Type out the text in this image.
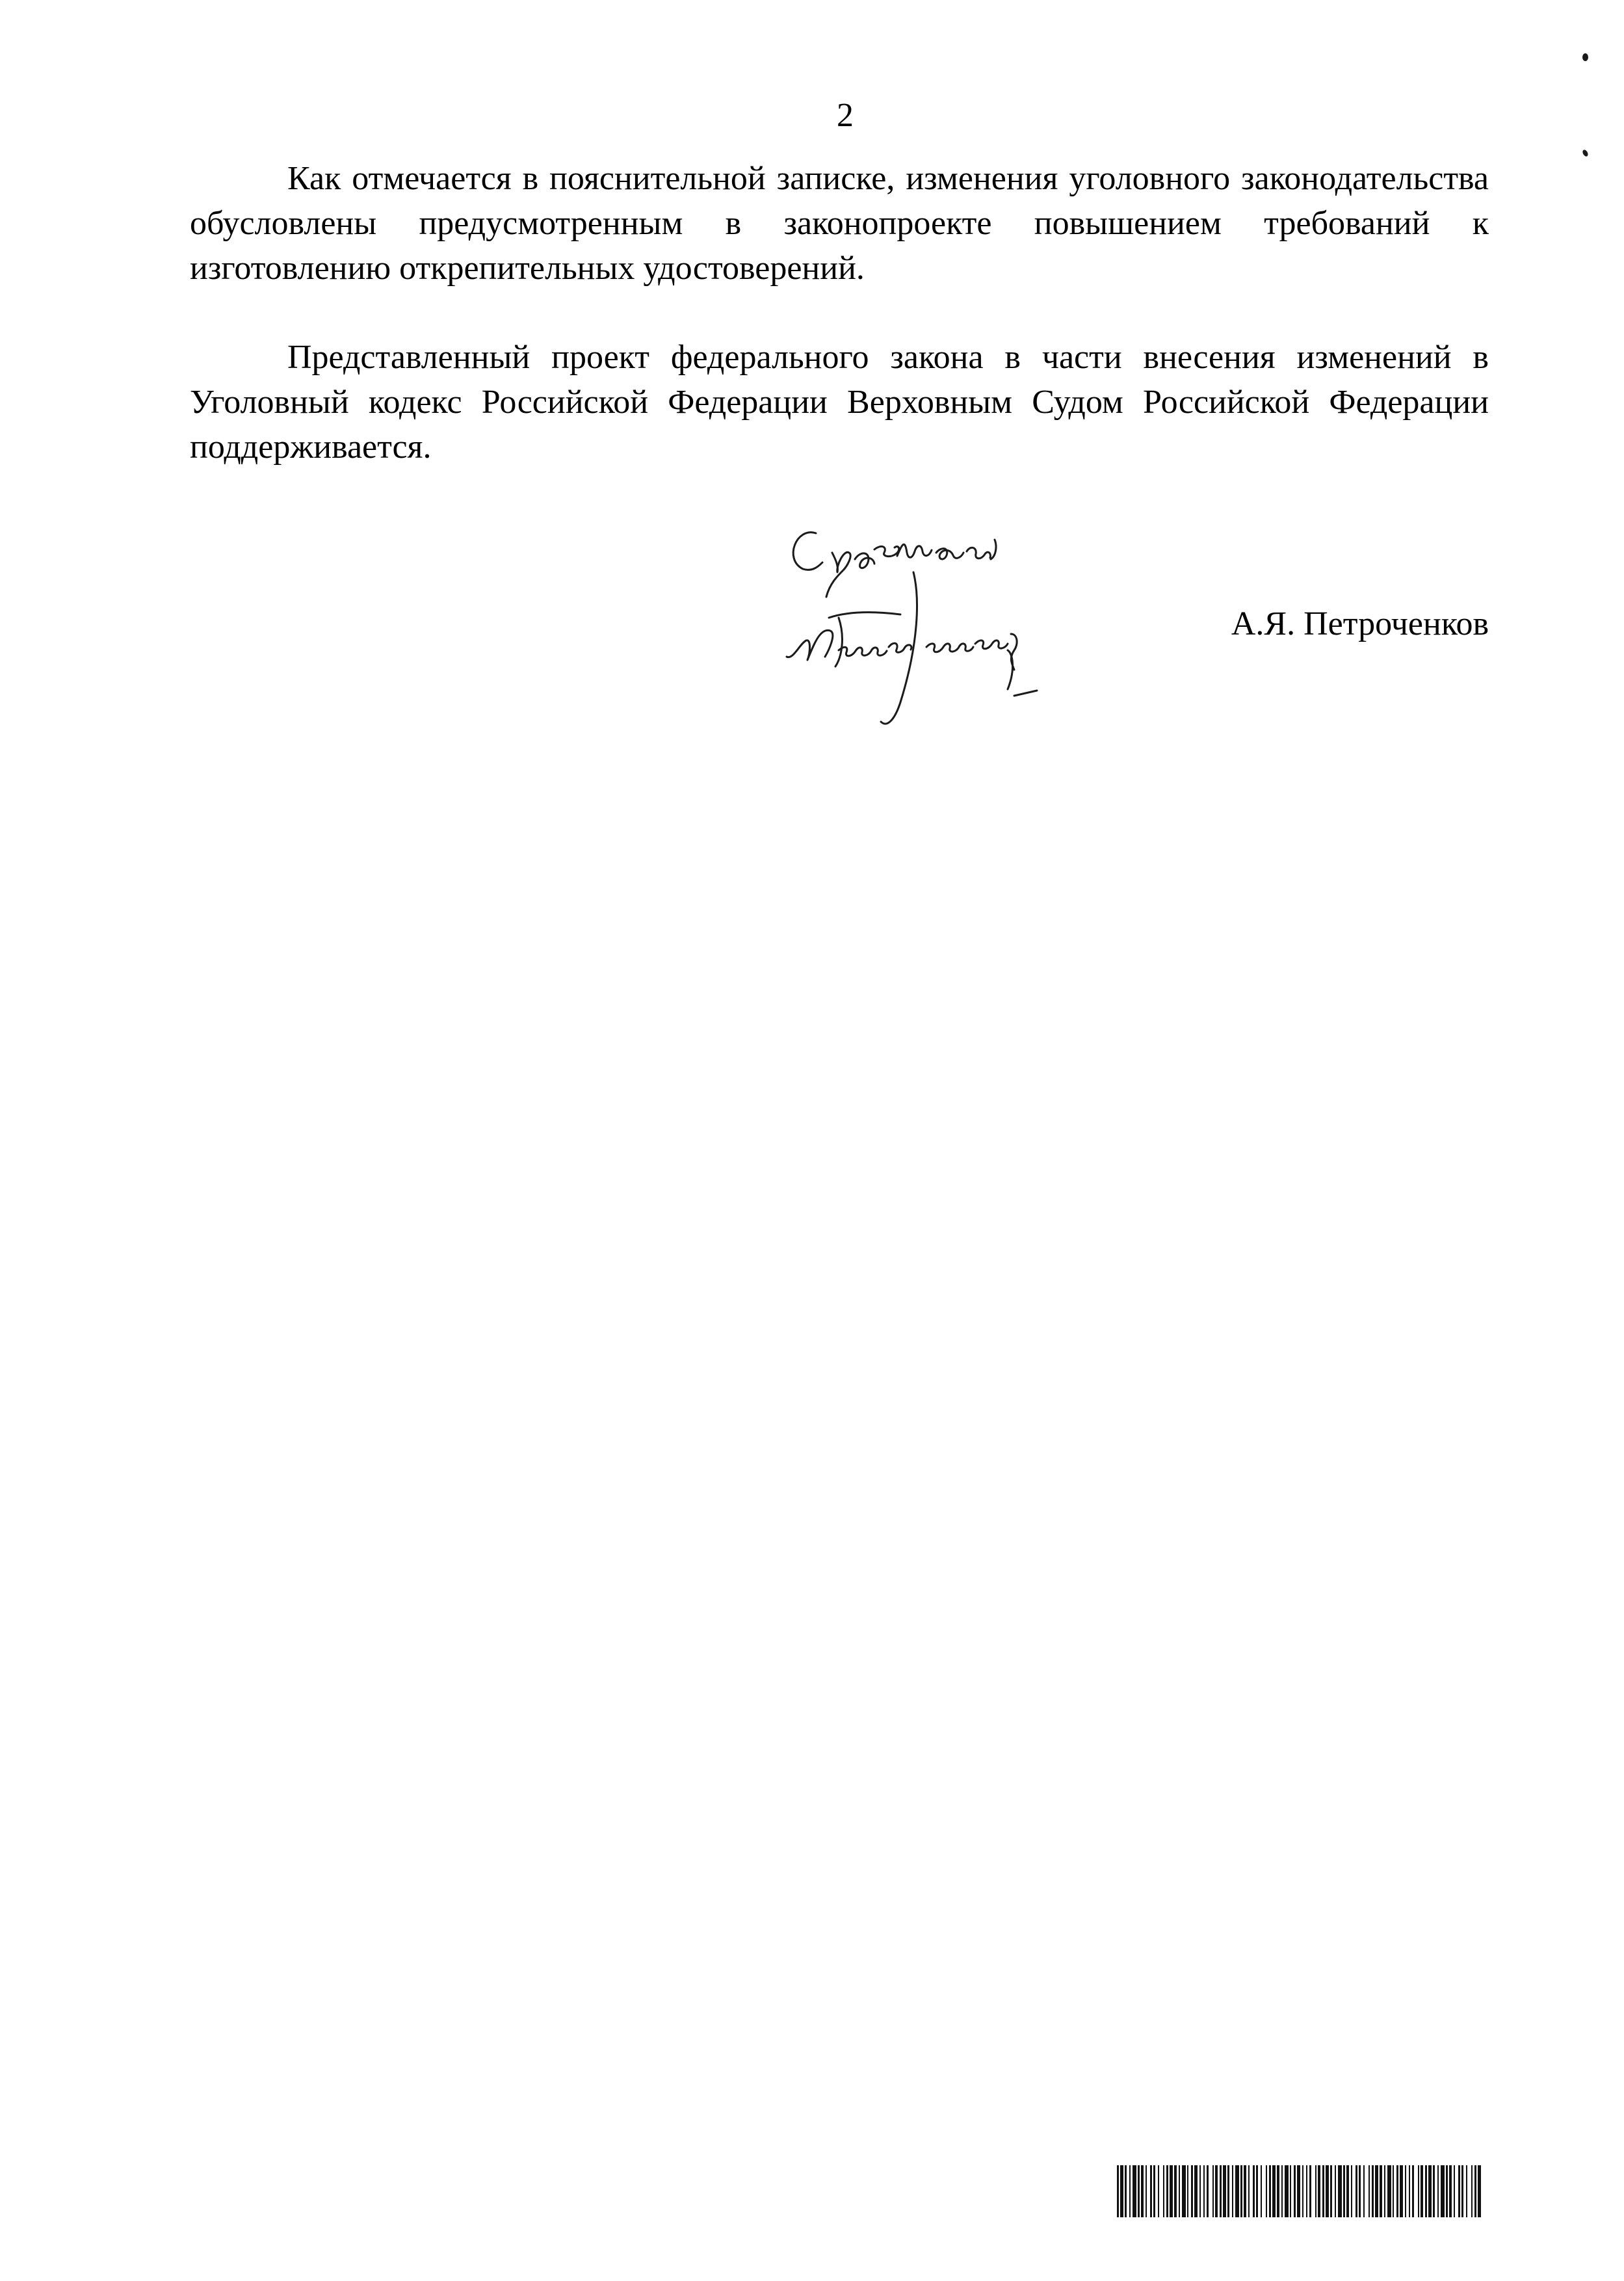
2

Как отмечается в пояснительной записке, изменения уголовного законодательства обусловлены предусмотренным в законопроекте повышением требований к изготовлению открепительных удостоверений.

Представленный проект федерального закона в части внесения изменений в Уголовный кодекс Российской Федерации Верховным Судом Российской Федерации поддерживается.

А.Я. Петроченков
